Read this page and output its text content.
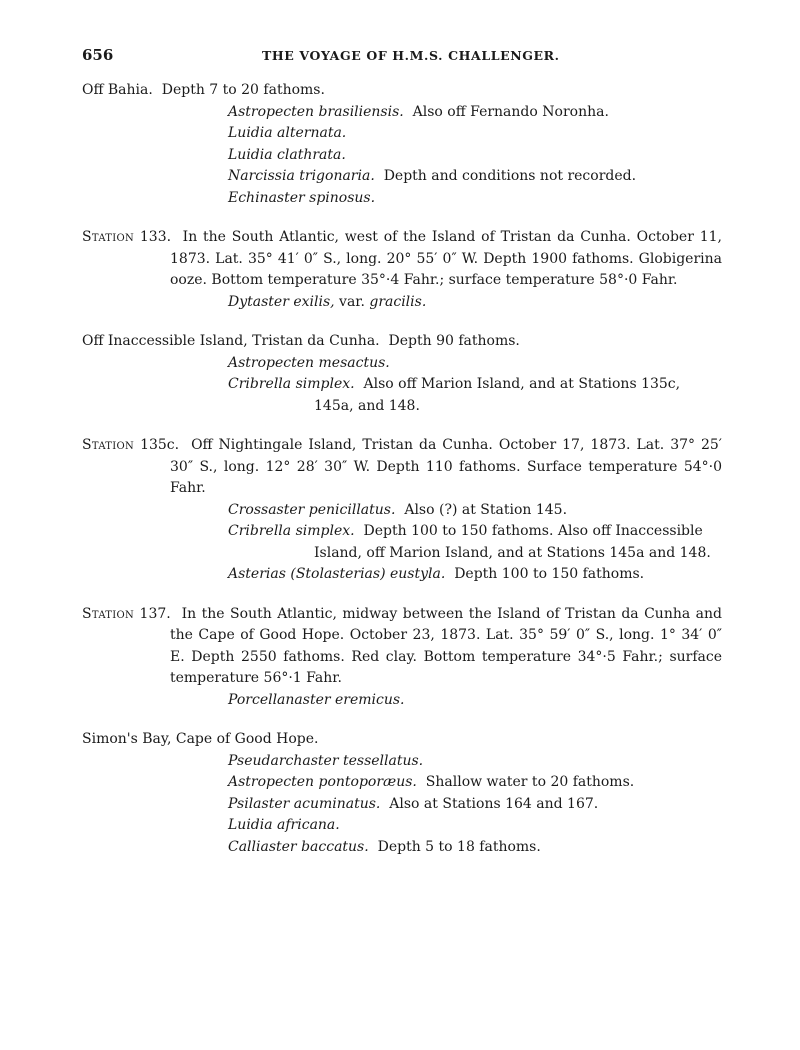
656	THE VOYAGE OF H.M.S. CHALLENGER.

Off Bahia. Depth 7 to 20 fathoms.

Astropecten brasiliensis. Also off Fernando Noronha.
Luidia alternata.
Luidia clathrata.
Narcissia trigonaria. Depth and conditions not recorded.
Echinaster spinosus.

Station 133. In the South Atlantic, west of the Island of Tristan da Cunha. October 11, 1873. Lat. 35° 41′ 0″ S., long. 20° 55′ 0″ W. Depth 1900 fathoms. Globigerina ooze. Bottom temperature 35°·4 Fahr.; surface temperature 58°·0 Fahr.

Dytaster exilis, var. gracilis.

Off Inaccessible Island, Tristan da Cunha. Depth 90 fathoms.

Astropecten mesactus.
Cribrella simplex. Also off Marion Island, and at Stations 135c, 145a, and 148.

Station 135c. Off Nightingale Island, Tristan da Cunha. October 17, 1873. Lat. 37° 25′ 30″ S., long. 12° 28′ 30″ W. Depth 110 fathoms. Surface temperature 54°·0 Fahr.

Crossaster penicillatus. Also (?) at Station 145.
Cribrella simplex. Depth 100 to 150 fathoms. Also off Inaccessible Island, off Marion Island, and at Stations 145a and 148.
Asterias (Stolasterias) eustyla. Depth 100 to 150 fathoms.

Station 137. In the South Atlantic, midway between the Island of Tristan da Cunha and the Cape of Good Hope. October 23, 1873. Lat. 35° 59′ 0″ S., long. 1° 34′ 0″ E. Depth 2550 fathoms. Red clay. Bottom temperature 34°·5 Fahr.; surface temperature 56°·1 Fahr.

Porcellanaster eremicus.

Simon's Bay, Cape of Good Hope.

Pseudarchaster tessellatus.
Astropecten pontoporæus. Shallow water to 20 fathoms.
Psilaster acuminatus. Also at Stations 164 and 167.
Luidia africana.
Calliaster baccatus. Depth 5 to 18 fathoms.
